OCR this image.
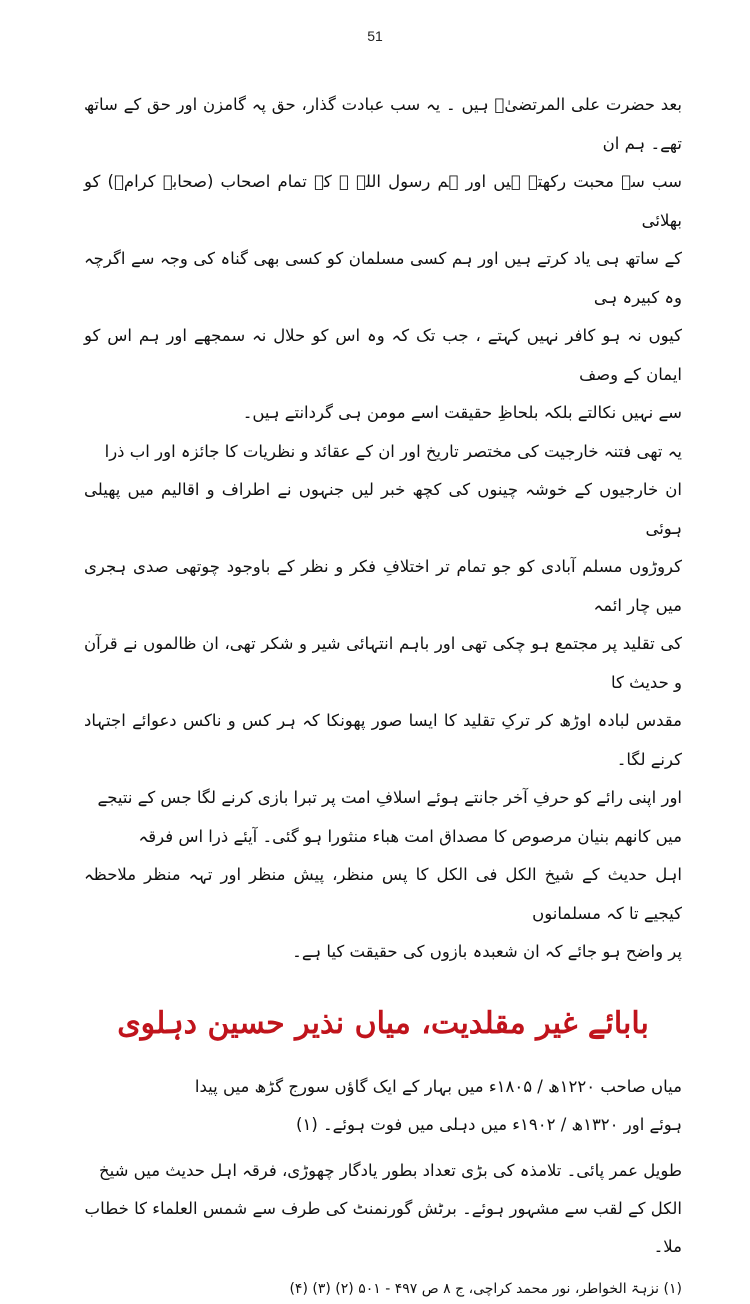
51

بعد حضرت علی المرتضیٰؓ ہیں ۔ یہ سب عبادت گذار، حق پہ گامزن اور حق کے ساتھ تھے۔ ہم ان

سب سے محبت رکھتے ہیں اور ہم رسول اللہ ﷺ کے تمام اصحاب (صحابۂ کرامؓ) کو بھلائی

کے ساتھ ہی یاد کرتے ہیں اور ہم کسی مسلمان کو کسی بھی گناہ کی وجہ سے اگرچہ وہ کبیرہ ہی

کیوں نہ ہو کافر نہیں کہتے ، جب تک کہ وہ اس کو حلال نہ سمجھے اور ہم اس کو ایمان کے وصف

سے نہیں نکالتے بلکہ بلحاظِ حقیقت اسے مومن ہی گردانتے ہیں۔

یہ تھی فتنہ خارجیت کی مختصر تاریخ اور ان کے عقائد و نظریات کا جائزہ اور اب ذرا

ان خارجیوں کے خوشہ چینوں کی کچھ خبر لیں جنہوں نے اطراف و اقالیم میں پھیلی ہوئی

کروڑوں مسلم آبادی کو جو تمام تر اختلافِ فکر و نظر کے باوجود چوتھی صدی ہجری میں چار ائمہ

کی تقلید پر مجتمع ہو چکی تھی اور باہم انتہائی شیر و شکر تھی، ان ظالموں نے قرآن و حدیث کا

مقدس لبادہ اوڑھ کر ترکِ تقلید کا ایسا صور پھونکا کہ ہر کس و ناکس دعوائے اجتہاد کرنے لگا۔

اور اپنی رائے کو حرفِ آخر جانتے ہوئے اسلافِ امت پر تبرا بازی کرنے لگا جس کے نتیجے

میں کانھم بنیان مرصوص کا مصداق امت هباء منثورا ہو گئی۔ آیئے ذرا اس فرقہ

اہل حدیث کے شیخ الکل فی الکل کا پس منظر، پیش منظر اور تہہ منظر ملاحظہ کیجیے تا کہ مسلمانوں

پر واضح ہو جائے کہ ان شعبدہ بازوں کی حقیقت کیا ہے۔

بابائے غیر مقلدیت، میاں نذیر حسین دہلوی

میاں صاحب ۱۲۲۰ھ / ۱۸۰۵ء میں بہار کے ایک گاؤں سورج گڑھ میں پیدا

ہوئے اور ۱۳۲۰ھ / ۱۹۰۲ء میں دہلی میں فوت ہوئے۔ (۱)

طویل عمر پائی۔ تلامذہ کی بڑی تعداد بطور یادگار چھوڑی، فرقہ اہل حدیث میں شیخ

الکل کے لقب سے مشہور ہوئے۔ برٹش گورنمنٹ کی طرف سے شمس العلماء کا خطاب ملا۔

(۱) نزہۃ الخواطر، نور محمد کراچی، ج ۸ ص ۴۹۷ - ۵۰۱ (۲) (۳) (۴)
